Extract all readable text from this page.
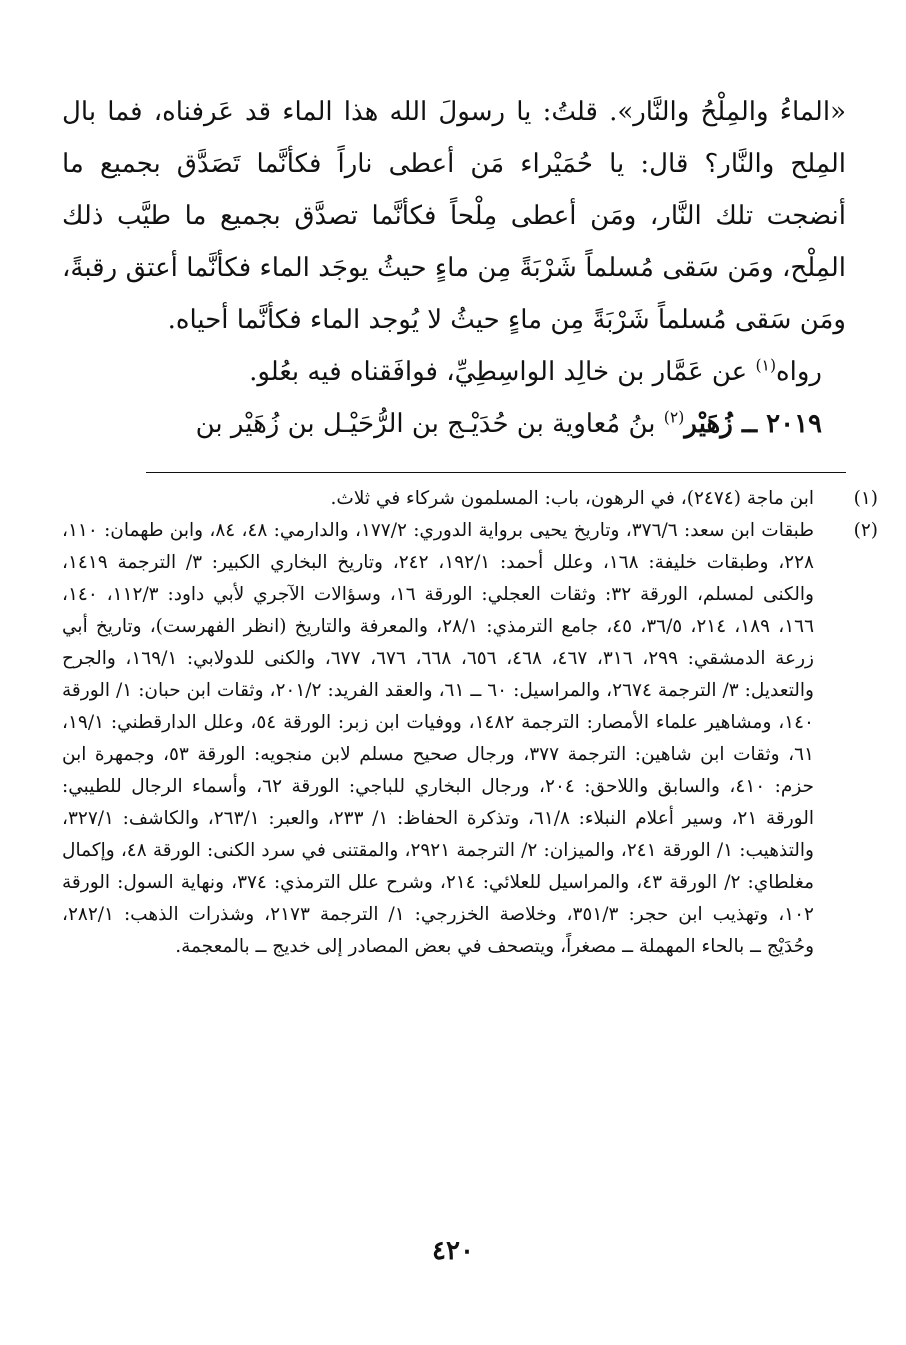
«الماءُ والمِلْحُ والنَّار». قلتُ: يا رسولَ الله هذا الماء قد عَرفناه، فما بال المِلح والنَّار؟ قال: يا حُمَيْراء مَن أعطى ناراً فكأنَّما تَصَدَّق بجميع ما أنضجت تلك النَّار، ومَن أعطى مِلْحاً فكأنَّما تصدَّق بجميع ما طيَّب ذلك المِلْح، ومَن سَقى مُسلماً شَرْبَةً مِن ماءٍ حيثُ يوجَد الماء فكأنَّما أعتق رقبةً، ومَن سَقى مُسلماً شَرْبَةً مِن ماءٍ حيثُ لا يُوجد الماء فكأنَّما أحياه.

رواه$^{(١)}$ عن عَمَّار بن خالِد الواسِطِيِّ، فوافَقناه فيه بعُلو.

٢٠١٩ ــ زُهَيْر$^{(٢)}$ بنُ مُعاوية بن حُدَيْـج بن الرُّحَيْـل بن زُهَيْر بن

(١)ابن ماجة (٢٤٧٤)، في الرهون، باب: المسلمون شركاء في ثلاث.

(٢)طبقات ابن سعد: ٣٧٦/٦، وتاريخ يحيى برواية الدوري: ١٧٧/٢، والدارمي: ٤٨، ٨٤، وابن طهمان: ١١٠، ٢٢٨، وطبقات خليفة: ١٦٨، وعلل أحمد: ١٩٢/١، ٢٤٢، وتاريخ البخاري الكبير: ٣/ الترجمة ١٤١٩، والكنى لمسلم، الورقة ٣٢: وثقات العجلي: الورقة ١٦، وسؤالات الآجري لأبي داود: ١١٢/٣، ١٤٠، ١٦٦، ١٨٩، ٢١٤، ٣٦/٥، ٤٥، جامع الترمذي: ٢٨/١، والمعرفة والتاريخ (انظر الفهرست)، وتاريخ أبي زرعة الدمشقي: ٢٩٩، ٣١٦، ٤٦٧، ٤٦٨، ٦٥٦، ٦٦٨، ٦٧٦، ٦٧٧، والكنى للدولابي: ١٦٩/١، والجرح والتعديل: ٣/ الترجمة ٢٦٧٤، والمراسيل: ٦٠ ــ ٦١، والعقد الفريد: ٢٠١/٢، وثقات ابن حبان: ١/ الورقة ١٤٠، ومشاهير علماء الأمصار: الترجمة ١٤٨٢، ووفيات ابن زبر: الورقة ٥٤، وعلل الدارقطني: ١٩/١، ٦١، وثقات ابن شاهين: الترجمة ٣٧٧، ورجال صحيح مسلم لابن منجويه: الورقة ٥٣، وجمهرة ابن حزم: ٤١٠، والسابق واللاحق: ٢٠٤، ورجال البخاري للباجي: الورقة ٦٢، وأسماء الرجال للطيبي: الورقة ٢١، وسير أعلام النبلاء: ٦١/٨، وتذكرة الحفاظ: ١/ ٢٣٣، والعبر: ٢٦٣/١، والكاشف: ٣٢٧/١، والتذهيب: ١/ الورقة ٢٤١، والميزان: ٢/ الترجمة ٢٩٢١، والمقتنى في سرد الكنى: الورقة ٤٨، وإكمال مغلطاي: ٢/ الورقة ٤٣، والمراسيل للعلائي: ٢١٤، وشرح علل الترمذي: ٣٧٤، ونهاية السول: الورقة ١٠٢، وتهذيب ابن حجر: ٣٥١/٣، وخلاصة الخزرجي: ١/ الترجمة ٢١٧٣، وشذرات الذهب: ٢٨٢/١، وحُدَيْج ــ بالحاء المهملة ــ مصغراً، ويتصحف في بعض المصادر إلى خديج ــ بالمعجمة.

٤٢٠
